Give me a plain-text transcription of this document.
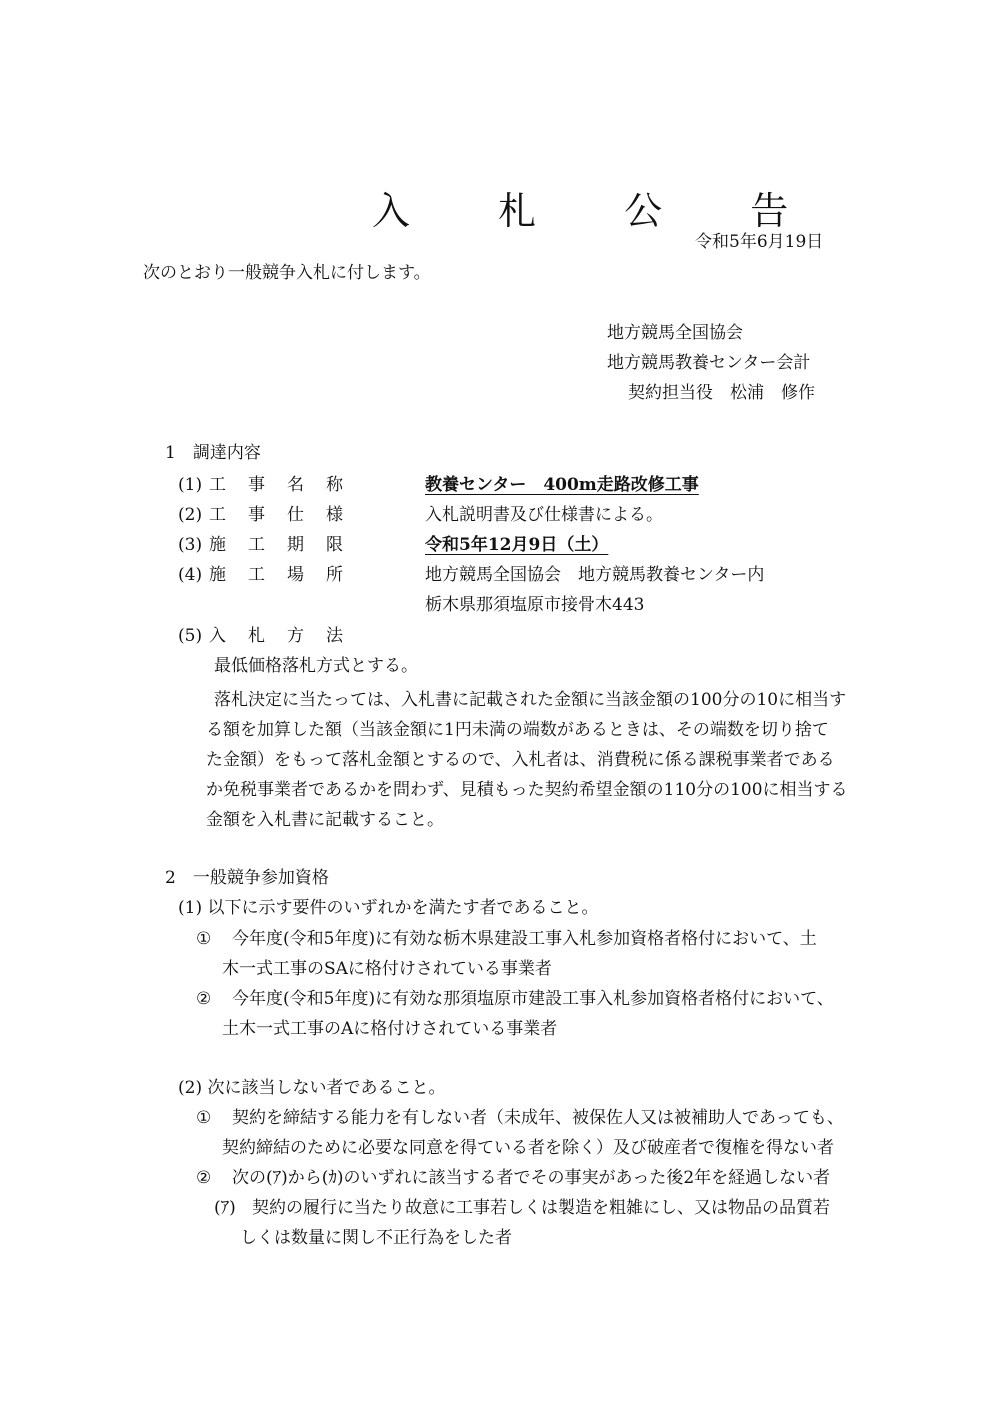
入 札 公 告
令和5年6月19日
次のとおり一般競争入札に付します。
地方競馬全国協会
地方競馬教養センター会計
契約担当役　松浦　修作
1　調達内容
(1) 工事名称	教養センター　400m走路改修工事
(2) 工事仕様	入札説明書及び仕様書による。
(3) 施工期限	令和5年12月9日（土）
(4) 施工場所	地方競馬全国協会　地方競馬教養センター内
栃木県那須塩原市接骨木443
(5) 入札方法
最低価格落札方式とする。
落札決定に当たっては、入札書に記載された金額に当該金額の100分の10に相当す
る額を加算した額（当該金額に1円未満の端数があるときは、その端数を切り捨て
た金額）をもって落札金額とするので、入札者は、消費税に係る課税事業者である
か免税事業者であるかを問わず、見積もった契約希望金額の110分の100に相当する
金額を入札書に記載すること。
2　一般競争参加資格
(1) 以下に示す要件のいずれかを満たす者であること。
① 今年度(令和5年度)に有効な栃木県建設工事入札参加資格者格付において、土
木一式工事のSAに格付けされている事業者
② 今年度(令和5年度)に有効な那須塩原市建設工事入札参加資格者格付において、
土木一式工事のAに格付けされている事業者
(2) 次に該当しない者であること。
① 契約を締結する能力を有しない者（未成年、被保佐人又は被補助人であっても、
契約締結のために必要な同意を得ている者を除く）及び破産者で復権を得ない者
② 次の(ｱ)から(ｶ)のいずれに該当する者でその事実があった後2年を経過しない者
(ｱ) 契約の履行に当たり故意に工事若しくは製造を粗雑にし、又は物品の品質若
しくは数量に関し不正行為をした者
